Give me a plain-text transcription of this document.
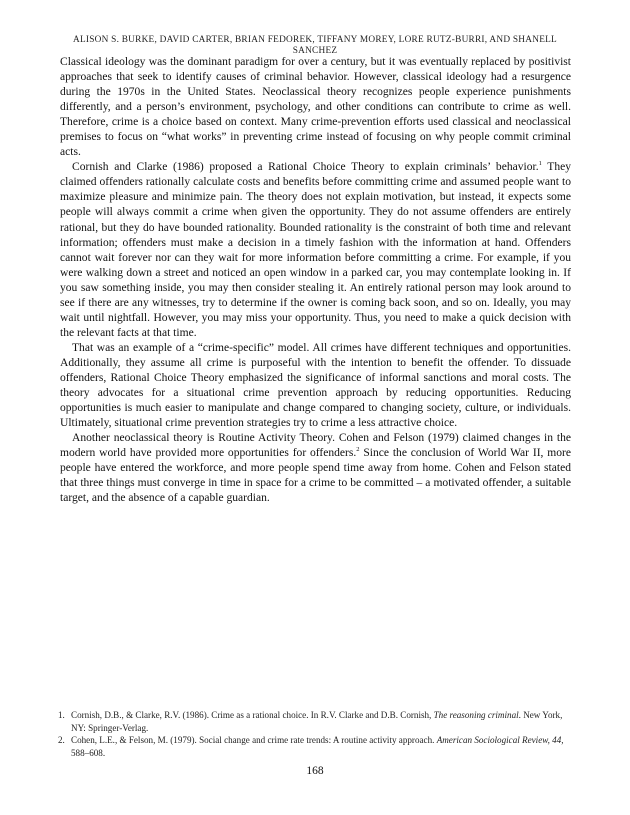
ALISON S. BURKE, DAVID CARTER, BRIAN FEDOREK, TIFFANY MOREY, LORE RUTZ-BURRI, AND SHANELL SANCHEZ

Classical ideology was the dominant paradigm for over a century, but it was eventually replaced by positivist approaches that seek to identify causes of criminal behavior. However, classical ideology had a resurgence during the 1970s in the United States. Neoclassical theory recognizes people experience punishments differently, and a person’s environment, psychology, and other conditions can contribute to crime as well. Therefore, crime is a choice based on context. Many crime-prevention efforts used classical and neoclassical premises to focus on “what works” in preventing crime instead of focusing on why people commit criminal acts.

Cornish and Clarke (1986) proposed a Rational Choice Theory to explain criminals’ behavior.$^1$ They claimed offenders rationally calculate costs and benefits before committing crime and assumed people want to maximize pleasure and minimize pain. The theory does not explain motivation, but instead, it expects some people will always commit a crime when given the opportunity. They do not assume offenders are entirely rational, but they do have bounded rationality. Bounded rationality is the constraint of both time and relevant information; offenders must make a decision in a timely fashion with the information at hand. Offenders cannot wait forever nor can they wait for more information before committing a crime. For example, if you were walking down a street and noticed an open window in a parked car, you may contemplate looking in. If you saw something inside, you may then consider stealing it. An entirely rational person may look around to see if there are any witnesses, try to determine if the owner is coming back soon, and so on. Ideally, you may wait until nightfall. However, you may miss your opportunity. Thus, you need to make a quick decision with the relevant facts at that time.

That was an example of a “crime-specific” model. All crimes have different techniques and opportunities. Additionally, they assume all crime is purposeful with the intention to benefit the offender. To dissuade offenders, Rational Choice Theory emphasized the significance of informal sanctions and moral costs. The theory advocates for a situational crime prevention approach by reducing opportunities. Reducing opportunities is much easier to manipulate and change compared to changing society, culture, or individuals. Ultimately, situational crime prevention strategies try to crime a less attractive choice.

Another neoclassical theory is Routine Activity Theory. Cohen and Felson (1979) claimed changes in the modern world have provided more opportunities for offenders.$^2$ Since the conclusion of World War II, more people have entered the workforce, and more people spend time away from home. Cohen and Felson stated that three things must converge in time in space for a crime to be committed – a motivated offender, a suitable target, and the absence of a capable guardian.

1. Cornish, D.B., & Clarke, R.V. (1986). Crime as a rational choice. In R.V. Clarke and D.B. Cornish, The reasoning criminal. New York, NY: Springer-Verlag.

2. Cohen, L.E., & Felson, M. (1979). Social change and crime rate trends: A routine activity approach. American Sociological Review, 44, 588–608.

168
